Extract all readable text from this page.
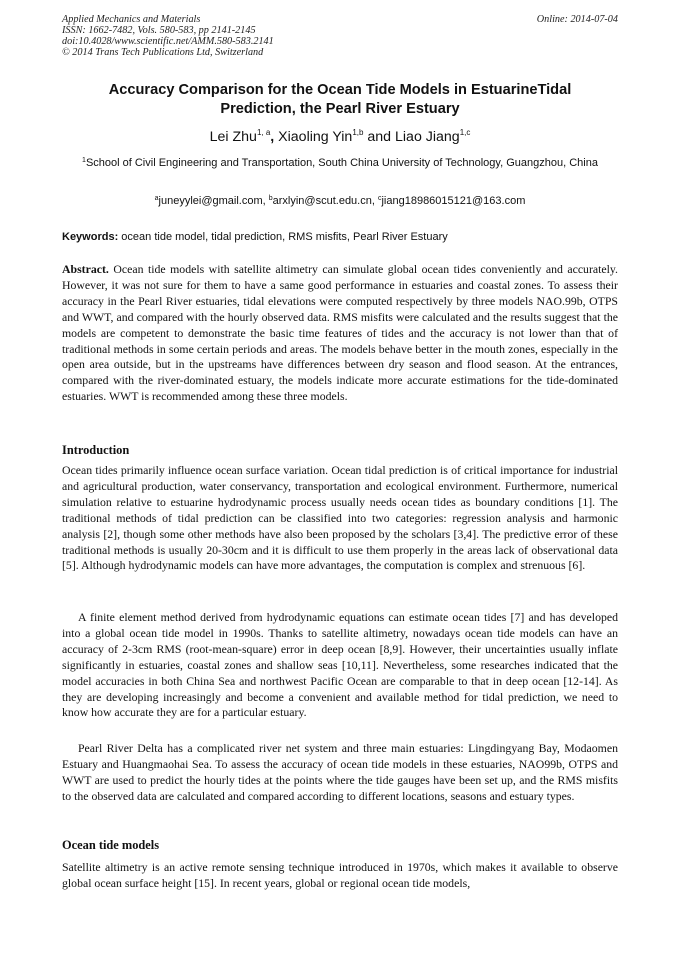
Applied Mechanics and Materials
ISSN: 1662-7482, Vols. 580-583, pp 2141-2145
doi:10.4028/www.scientific.net/AMM.580-583.2141
© 2014 Trans Tech Publications Ltd, Switzerland
Online: 2014-07-04
Accuracy Comparison for the Ocean Tide Models in EstuarineTidal
Prediction, the Pearl River Estuary
Lei Zhu$^{1, a}$, Xiaoling Yin$^{1,b}$ and Liao Jiang$^{1,c}$
$^1$School of Civil Engineering and Transportation, South China University of Technology, Guangzhou, China
$^a$juneyylei@gmail.com, $^b$arxlyin@scut.edu.cn, $^c$jiang18986015121@163.com
Keywords: ocean tide model, tidal prediction, RMS misfits, Pearl River Estuary

Abstract. Ocean tide models with satellite altimetry can simulate global ocean tides conveniently and accurately. However, it was not sure for them to have a same good performance in estuaries and coastal zones. To assess their accuracy in the Pearl River estuaries, tidal elevations were computed respectively by three models NAO.99b, OTPS and WWT, and compared with the hourly observed data. RMS misfits were calculated and the results suggest that the models are competent to demonstrate the basic time features of tides and the accuracy is not lower than that of traditional methods in some certain periods and areas. The models behave better in the mouth zones, especially in the open area outside, but in the upstreams have differences between dry season and flood season. At the entrances, compared with the river-dominated estuary, the models indicate more accurate estimations for the tide-dominated estuaries. WWT is recommended among these three models.

Introduction

Ocean tides primarily influence ocean surface variation. Ocean tidal prediction is of critical importance for industrial and agricultural production, water conservancy, transportation and ecological environment. Furthermore, numerical simulation relative to estuarine hydrodynamic process usually needs ocean tides as boundary conditions [1]. The traditional methods of tidal prediction can be classified into two categories: regression analysis and harmonic analysis [2], though some other methods have also been proposed by the scholars [3,4]. The predictive error of these traditional methods is usually 20-30cm and it is difficult to use them properly in the areas lack of observational data [5]. Although hydrodynamic models can have more advantages, the computation is complex and strenuous [6].

A finite element method derived from hydrodynamic equations can estimate ocean tides [7] and has developed into a global ocean tide model in 1990s. Thanks to satellite altimetry, nowadays ocean tide models can have an accuracy of 2-3cm RMS (root-mean-square) error in deep ocean [8,9]. However, their uncertainties usually inflate significantly in estuaries, coastal zones and shallow seas [10,11]. Nevertheless, some researches indicated that the model accuracies in both China Sea and northwest Pacific Ocean are comparable to that in deep ocean [12-14]. As they are developing increasingly and become a convenient and available method for tidal prediction, we need to know how accurate they are for a particular estuary.

Pearl River Delta has a complicated river net system and three main estuaries: Lingdingyang Bay, Modaomen Estuary and Huangmaohai Sea. To assess the accuracy of ocean tide models in these estuaries, NAO99b, OTPS and WWT are used to predict the hourly tides at the points where the tide gauges have been set up, and the RMS misfits to the observed data are calculated and compared according to different locations, seasons and estuary types.

Ocean tide models

Satellite altimetry is an active remote sensing technique introduced in 1970s, which makes it available to observe global ocean surface height [15]. In recent years, global or regional ocean tide models,
